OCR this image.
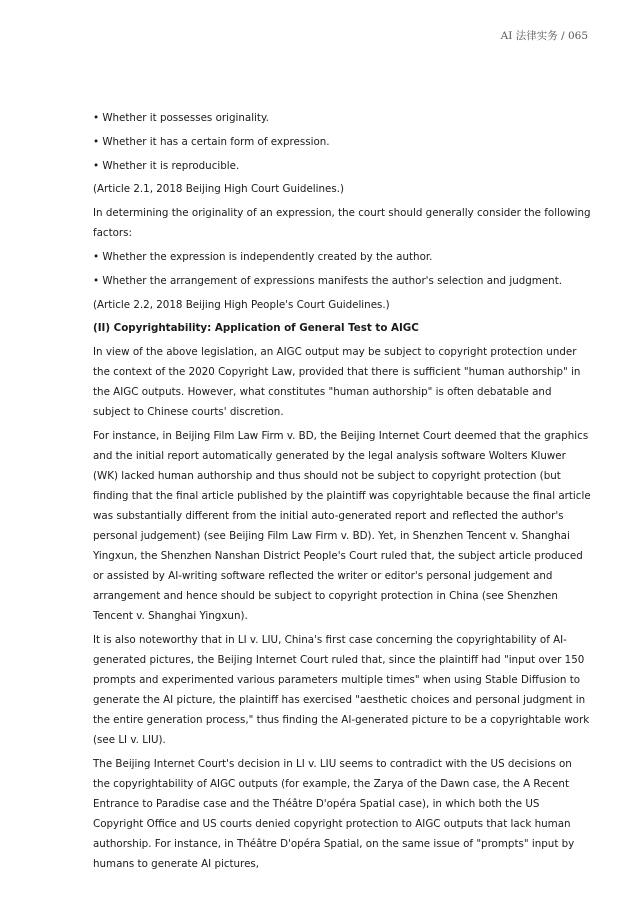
AI 法律实务 / 065

• Whether it possesses originality.

• Whether it has a certain form of expression.

• Whether it is reproducible.

(Article 2.1, 2018 Beijing High Court Guidelines.)

In determining the originality of an expression, the court should generally consider the following factors:

• Whether the expression is independently created by the author.

• Whether the arrangement of expressions manifests the author's selection and judgment.

(Article 2.2, 2018 Beijing High People's Court Guidelines.)

(II) Copyrightability: Application of General Test to AIGC

In view of the above legislation, an AIGC output may be subject to copyright protection under the context of the 2020 Copyright Law, provided that there is sufficient "human authorship" in the AIGC outputs. However, what constitutes "human authorship" is often debatable and subject to Chinese courts' discretion.

For instance, in Beijing Film Law Firm v. BD, the Beijing Internet Court deemed that the graphics and the initial report automatically generated by the legal analysis software Wolters Kluwer (WK) lacked human authorship and thus should not be subject to copyright protection (but finding that the final article published by the plaintiff was copyrightable because the final article was substantially different from the initial auto-generated report and reflected the author's personal judgement) (see Beijing Film Law Firm v. BD). Yet, in Shenzhen Tencent v. Shanghai Yingxun, the Shenzhen Nanshan District People's Court ruled that, the subject article produced or assisted by AI-writing software reflected the writer or editor's personal judgement and arrangement and hence should be subject to copyright protection in China (see Shenzhen Tencent v. Shanghai Yingxun).

It is also noteworthy that in LI v. LIU, China's first case concerning the copyrightability of AI-generated pictures, the Beijing Internet Court ruled that, since the plaintiff had "input over 150 prompts and experimented various parameters multiple times" when using Stable Diffusion to generate the AI picture, the plaintiff has exercised "aesthetic choices and personal judgment in the entire generation process," thus finding the AI-generated picture to be a copyrightable work (see LI v. LIU).

The Beijing Internet Court's decision in LI v. LIU seems to contradict with the US decisions on the copyrightability of AIGC outputs (for example, the Zarya of the Dawn case, the A Recent Entrance to Paradise case and the Théâtre D'opéra Spatial case), in which both the US Copyright Office and US courts denied copyright protection to AIGC outputs that lack human authorship. For instance, in Théâtre D'opéra Spatial, on the same issue of "prompts" input by humans to generate AI pictures,
